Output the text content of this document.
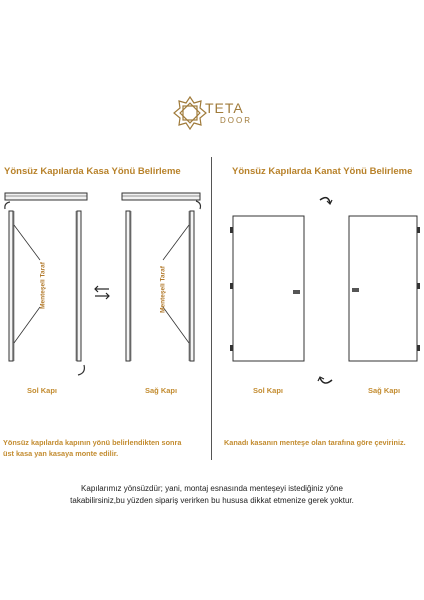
TETA
DOOR
Yönsüz Kapılarda Kasa Yönü Belirleme	Yönsüz Kapılarda Kanat Yönü Belirleme
Menteşeli Taraf	Menteşeli Taraf
Sol Kapı	Sağ Kapı
Yönsüz kapılarda kapının yönü belirlendikten sonra
üst kasa yan kasaya monte edilir.
Sol Kapı	Sağ Kapı
Kanadı kasanın menteşe olan tarafına göre çeviriniz.
Kapılarımız yönsüzdür; yani, montaj esnasında menteşeyi istediğiniz yöne
takabilirsiniz,bu yüzden sipariş verirken bu hususa dikkat etmenize gerek yoktur.
